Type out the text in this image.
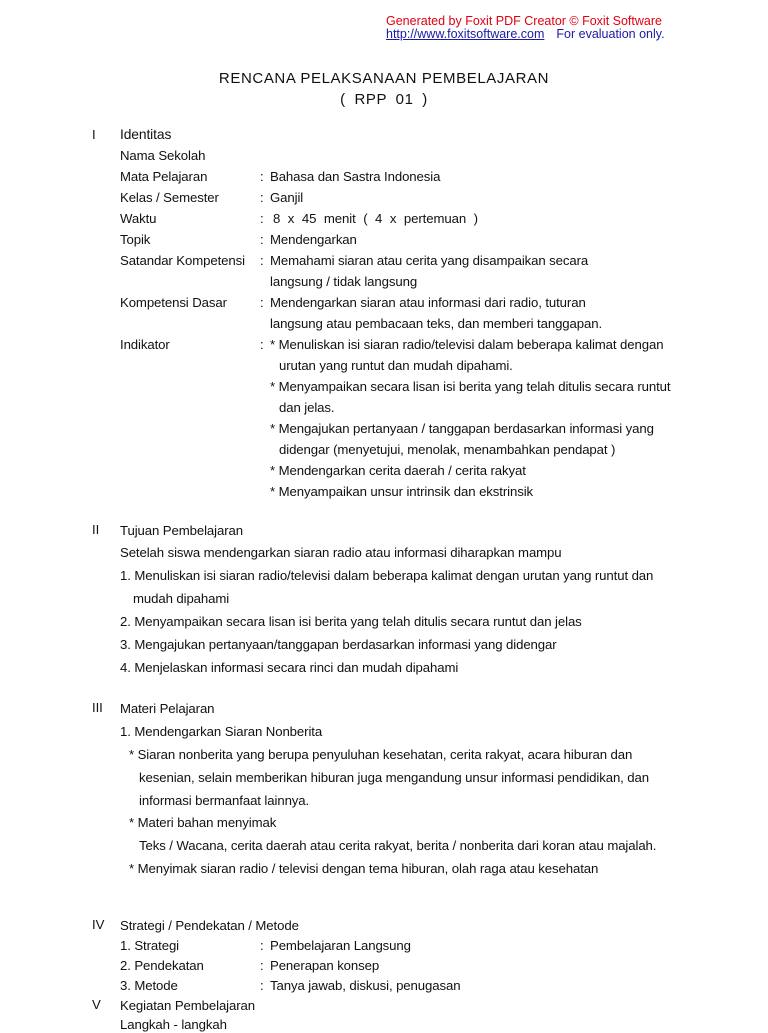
Generated by Foxit PDF Creator © Foxit Software
http://www.foxitsoftware.com For evaluation only.
RENCANA PELAKSANAAN PEMBELAJARAN
( RPP 01 )
I Identitas
Nama Sekolah
Mata Pelajaran	: Bahasa dan Sastra Indonesia
Kelas / Semester	: Ganjil
Waktu	: 8 x 45 menit ( 4 x pertemuan )
Topik	: Mendengarkan
Satandar Kompetensi : Memahami siaran atau cerita yang disampaikan secara
langsung / tidak langsung
Kompetensi Dasar	: Mendengarkan siaran atau informasi dari radio, tuturan
langsung atau pembacaan teks, dan memberi tanggapan.
Indikator	: * Menuliskan isi siaran radio/televisi dalam beberapa kalimat dengan
urutan yang runtut dan mudah dipahami.
* Menyampaikan secara lisan isi berita yang telah ditulis secara runtut
dan jelas.
* Mengajukan pertanyaan / tanggapan berdasarkan informasi yang
didengar (menyetujui, menolak, menambahkan pendapat )
* Mendengarkan cerita daerah / cerita rakyat
* Menyampaikan unsur intrinsik dan ekstrinsik
II Tujuan Pembelajaran
Setelah siswa mendengarkan siaran radio atau informasi diharapkan mampu
1. Menuliskan isi siaran radio/televisi dalam beberapa kalimat dengan urutan yang runtut dan
mudah dipahami
2. Menyampaikan secara lisan isi berita yang telah ditulis secara runtut dan jelas
3. Mengajukan pertanyaan/tanggapan berdasarkan informasi yang didengar
4. Menjelaskan informasi secara rinci dan mudah dipahami
III Materi Pelajaran
1. Mendengarkan Siaran Nonberita
* Siaran nonberita yang berupa penyuluhan kesehatan, cerita rakyat, acara hiburan dan
kesenian, selain memberikan hiburan juga mengandung unsur informasi pendidikan, dan
informasi bermanfaat lainnya.
* Materi bahan menyimak
Teks / Wacana, cerita daerah atau cerita rakyat, berita / nonberita dari koran atau majalah.
* Menyimak siaran radio / televisi dengan tema hiburan, olah raga atau kesehatan
IV Strategi / Pendekatan / Metode
1. Strategi	: Pembelajaran Langsung
2. Pendekatan	: Penerapan konsep
3. Metode	: Tanya jawab, diskusi, penugasan
V Kegiatan Pembelajaran
Langkah - langkah
